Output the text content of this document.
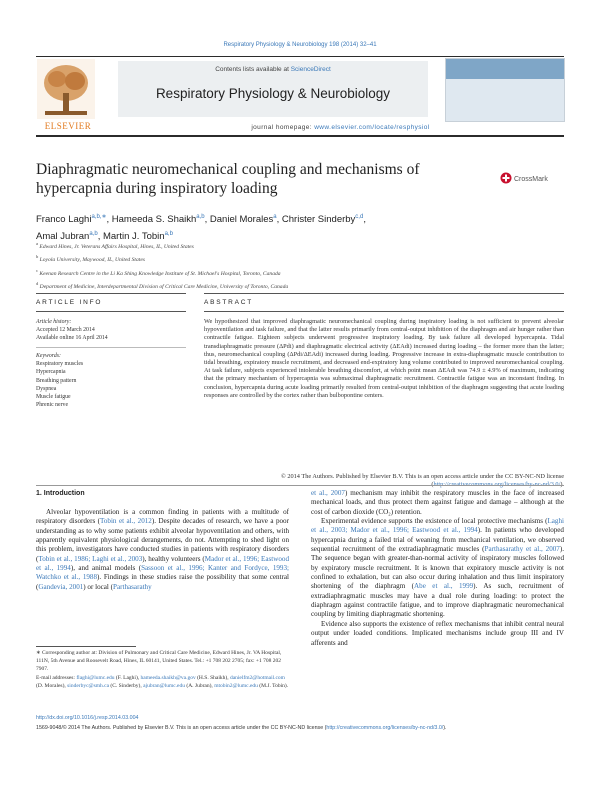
Respiratory Physiology & Neurobiology 198 (2014) 32–41
ELSEVIER
Contents lists available at ScienceDirect
Respiratory Physiology & Neurobiology
journal homepage: www.elsevier.com/locate/resphysiol
Diaphragmatic neuromechanical coupling and mechanisms of hypercapnia during inspiratory loading	CrossMark
Franco Laghi$^{a,b,∗}$, Hameeda S. Shaikh$^{a,b}$, Daniel Morales$^a$, Christer Sinderby$^{c,d}$,
Amal Jubran$^{a,b}$, Martin J. Tobin$^{a,b}$
$^a$ Edward Hines, Jr. Veterans Affairs Hospital, Hines, IL, United States
$^b$ Loyola University, Maywood, IL, United States
$^c$ Keenan Research Centre in the Li Ka Shing Knowledge Institute of St. Michael's Hospital, Toronto, Canada
$^d$ Department of Medicine, Interdepartmental Division of Critical Care Medicine, University of Toronto, Canada
ARTICLE INFO	ABSTRACT
Article history:
Accepted 12 March 2014
Available online 16 April 2014
Keywords:
Respiratory muscles
Hypercapnia
Breathing pattern
Dyspnea
Muscle fatigue
Phrenic nerve
We hypothesized that improved diaphragmatic neuromechanical coupling during inspiratory loading is not sufficient to prevent alveolar hypoventilation and task failure, and that the latter results primarily from central-output inhibition of the diaphragm and air hunger rather than contractile fatigue. Eighteen subjects underwent progressive inspiratory loading. By task failure all developed hypercapnia. Tidal transdiaphragmatic pressure (ΔPdi) and diaphragmatic electrical activity (ΔEAdi) increased during loading – the former more than the latter; thus, neuromechanical coupling (ΔPdi/ΔEAdi) increased during loading. Progressive increase in extra-diaphragmatic muscle contribution to tidal breathing, expiratory muscle recruitment, and decreased end-expiratory lung volume contributed to improved neuromechanical coupling. At task failure, subjects experienced intolerable breathing discomfort, at which point mean ΔEAdi was 74.9 ± 4.9% of maximum, indicating that the primary mechanism of hypercapnia was submaximal diaphragmatic recruitment. Contractile fatigue was an inconstant finding. In conclusion, hypercapnia during acute loading primarily resulted from central-output inhibition of the diaphragm suggesting that acute loading responses are controlled by the cortex rather than bulbopontine centers.
© 2014 The Authors. Published by Elsevier B.V. This is an open access article under the CC BY-NC-ND license
1. Introduction

Alveolar hypoventilation is a common finding in patients with a multitude of respiratory disorders (Tobin et al., 2012). Despite decades of research, we have a poor understanding as to why some patients exhibit alveolar hypoventilation and others, with apparently equivalent physiological derangements, do not. Attempting to shed light on this problem, investigators have conducted studies in patients with respiratory disorders (Tobin et al., 1986; Laghi et al., 2003), healthy volunteers (Mador et al., 1996; Eastwood et al., 1994), and animal models (Sassoon et al., 1996; Kanter and Fordyce, 1993; Watchko et al., 1988). Findings in these studies raise the possibility that some central (Gandevia, 2001) or local (Parthasarathy

et al., 2007) mechanism may inhibit the respiratory muscles in the face of increased mechanical loads, and thus protect them against fatigue and damage – although at the cost of carbon dioxide (CO₂) retention.

Experimental evidence supports the existence of local protective mechanisms (Laghi et al., 2003; Mador et al., 1996; Eastwood et al., 1994). In patients who developed hypercapnia during a failed trial of weaning from mechanical ventilation, we observed sequential recruitment of the extradiaphragmatic muscles (Parthasarathy et al., 2007). The sequence began with greater-than-normal activity of inspiratory muscles followed by expiratory muscle recruitment. It is known that expiratory muscle activity is not confined to exhalation, but can also occur during inhalation and thus limit inspiratory shortening of the diaphragm (Abe et al., 1999). As such, recruitment of extradiaphragmatic muscles may have a dual role during loading: to protect the diaphragm against contractile fatigue, and to improve diaphragmatic neuromechanical coupling by limiting diaphragmatic shortening.

Evidence also supports the existence of reflex mechanisms that inhibit central neural output under loaded conditions. Implicated mechanisms include group III and IV afferents and

∗ Corresponding author at: Division of Pulmonary and Critical Care Medicine, Edward Hines, Jr. VA Hospital, 111N, 5th Avenue and Roosevelt Road, Hines, IL 60141, United States. Tel.: +1 708 202 2705; fax: +1 708 202 7907.
E-mail addresses: flaghi@lumc.edu (F. Laghi), hameeda.shaikh@va.gov (H.S. Shaikh), danielfm2@hotmail.com (D. Morales), sinderbyc@smh.ca (C. Sinderby), ajubran@lumc.edu (A. Jubran), mtobin2@lumc.edu (M.J. Tobin).
http://dx.doi.org/10.1016/j.resp.2014.03.004
1569-9048/© 2014 The Authors. Published by Elsevier B.V. This is an open access article under the CC BY-NC-ND license (http://creativecommons.org/licenses/by-nc-nd/3.0/).
